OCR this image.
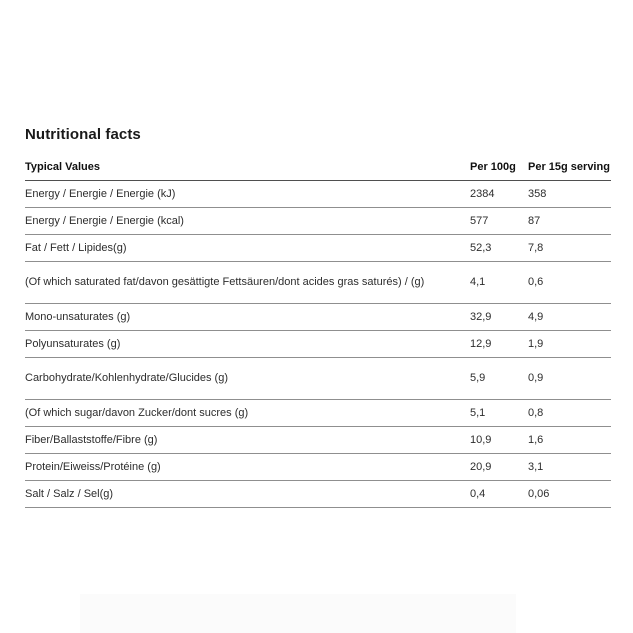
Nutritional facts
Typical Values	Per 100g	Per 15g serving
Energy / Energie / Energie (kJ)	2384	358
Energy / Energie / Energie (kcal)	577	87
Fat / Fett / Lipides(g)	52,3	7,8
(Of which saturated fat/davon gesättigte Fettsäuren/dont acides gras saturés) / (g)	4,1	0,6
Mono-unsaturates (g)	32,9	4,9
Polyunsaturates (g)	12,9	1,9
Carbohydrate/Kohlenhydrate/Glucides (g)	5,9	0,9
(Of which sugar/davon Zucker/dont sucres (g)	5,1	0,8
Fiber/Ballaststoffe/Fibre (g)	10,9	1,6
Protein/Eiweiss/Protéine (g)	20,9	3,1
Salt / Salz / Sel(g)	0,4	0,06
